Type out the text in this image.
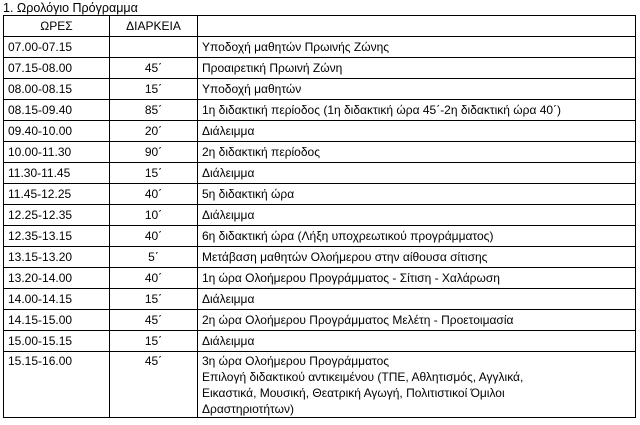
1. Ωρολόγιο Πρόγραμμα
ΩΡΕΣ	ΔΙΑΡΚΕΙΑ	
07.00-07.15		Υποδοχή μαθητών Πρωινής Ζώνης

07.15-08.00	45΄	Προαιρετική Πρωινή Ζώνη

08.00-08.15	15΄	Υποδοχή μαθητών

08.15-09.40	85΄	1η διδακτική περίοδος (1η διδακτική ώρα 45΄-2η διδακτική ώρα 40΄)

09.40-10.00	20΄	Διάλειμμα

10.00-11.30	90΄	2η διδακτική περίοδος

11.30-11.45	15΄	Διάλειμμα

11.45-12.25	40΄	5η διδακτική ώρα

12.25-12.35	10΄	Διάλειμμα

12.35-13.15	40΄	6η διδακτική ώρα (Λήξη υποχρεωτικού προγράμματος)

13.15-13.20	5΄	Μετάβαση μαθητών Ολοήμερου στην αίθουσα σίτισης

13.20-14.00	40΄	1η ώρα Ολοήμερου Προγράμματος - Σίτιση - Χαλάρωση

14.00-14.15	15΄	Διάλειμμα

14.15-15.00	45΄	2η ώρα Ολοήμερου Προγράμματος Μελέτη - Προετοιμασία

15.00-15.15	15΄	Διάλειμμα

15.15-16.00	45΄	3η ώρα Ολοήμερου Προγράμματος
Επιλογή διδακτικού αντικειμένου (ΤΠΕ, Αθλητισμός, Αγγλικά,
Εικαστικά, Μουσική, Θεατρική Αγωγή, Πολιτιστικοί Όμιλοι
Δραστηριοτήτων)
